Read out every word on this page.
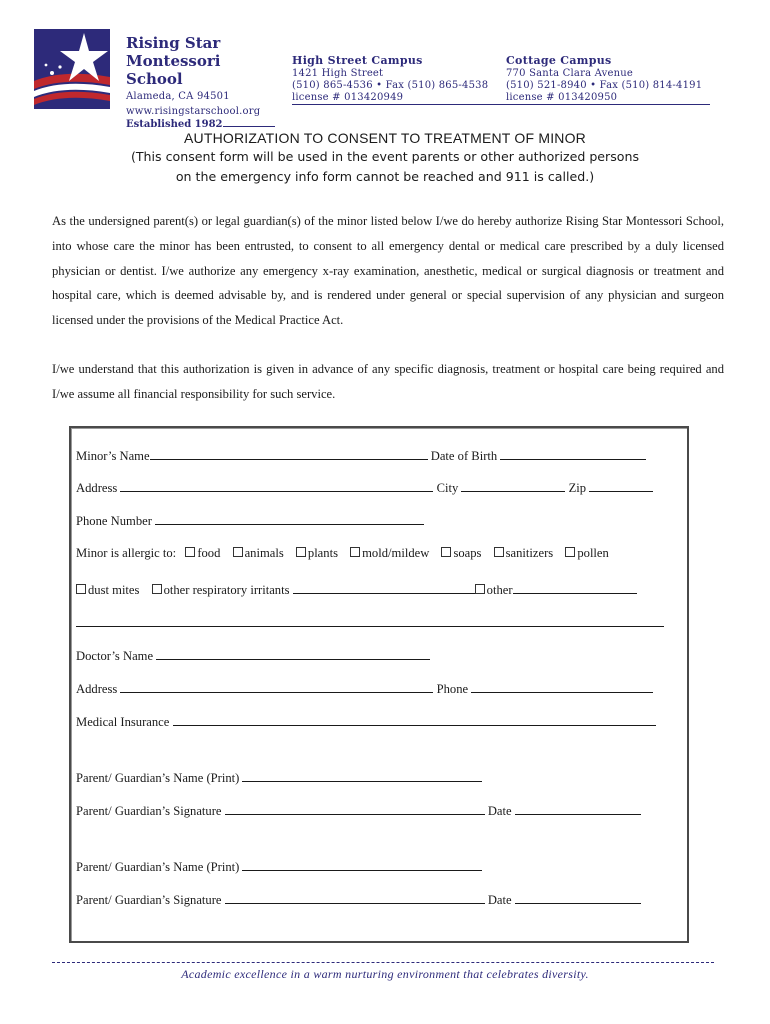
Rising Star
Montessori School
Alameda, CA 94501
www.risingstarschool.org
Established 1982
High Street Campus
1421 High Street
(510) 865-4536 • Fax (510) 865-4538
license # 013420949
Cottage Campus
770 Santa Clara Avenue
(510) 521-8940 • Fax (510) 814-4191
license # 013420950
AUTHORIZATION TO CONSENT TO TREATMENT OF MINOR
(This consent form will be used in the event parents or other authorized persons
on the emergency info form cannot be reached and 911 is called.)
As the undersigned parent(s) or legal guardian(s) of the minor listed below I/we do hereby authorize Rising Star Montessori School, into whose care the minor has been entrusted, to consent to all emergency dental or medical care prescribed by a duly licensed physician or dentist. I/we authorize any emergency x-ray examination, anesthetic, medical or surgical diagnosis or treatment and hospital care, which is deemed advisable by, and is rendered under general or special supervision of any physician and surgeon licensed under the provisions of the Medical Practice Act.
I/we understand that this authorization is given in advance of any specific diagnosis, treatment or hospital care being required and I/we assume all financial responsibility for such service.
Minor’s Name	Date of Birth
Address	City	Zip
Phone Number
Minor is allergic to: food animals plants mold/mildew soaps sanitizers pollen
dust mites other respiratory irritants	other
Doctor’s Name
Address	Phone
Medical Insurance
Parent/ Guardian’s Name (Print)
Parent/ Guardian’s Signature	Date
Parent/ Guardian’s Name (Print)
Parent/ Guardian’s Signature	Date
Academic excellence in a warm nurturing environment that celebrates diversity.
